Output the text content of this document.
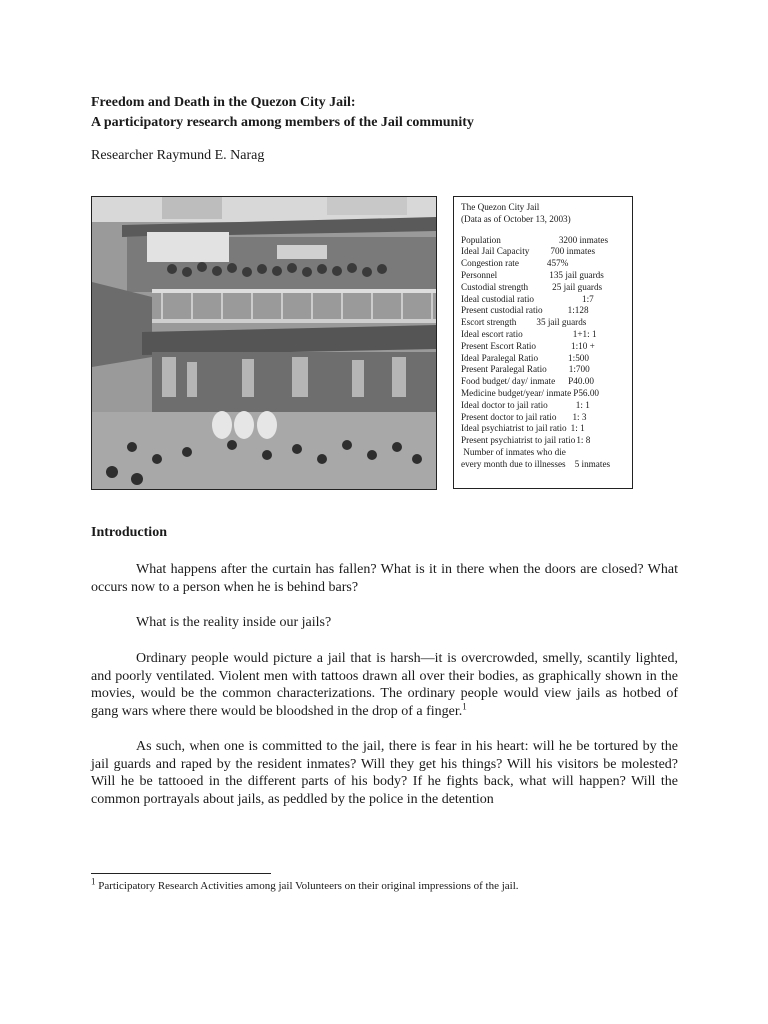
Freedom and Death in the Quezon City Jail:
A participatory research among members of the Jail community
Researcher Raymund E. Narag
The Quezon City Jail
(Data as of October 13, 2003)
Population	3200 inmates
Ideal Jail Capacity 700 inmates
Congestion rate	457%
Personnel	135 jail guards
Custodial strength	25 jail guards
Ideal custodial ratio	1:7
Present custodial ratio	1:128
Escort strength 35 jail guards
Ideal escort ratio	1+1: 1
Present Escort Ratio	1:10 +
Ideal Paralegal Ratio	1:500
Present Paralegal Ratio 1:700
Food budget/ day/ inmate P40.00
Medicine budget/year/ inmate P56.00
Ideal doctor to jail ratio	1: 1
Present doctor to jail ratio 1: 3
Ideal psychiatrist to jail ratio 1: 1
Present psychiatrist to jail ratio 1: 8
Number of inmates who die
every month due to illnesses 5 inmates
Introduction

What happens after the curtain has fallen? What is it in there when the doors are closed? What occurs now to a person when he is behind bars?

What is the reality inside our jails?

Ordinary people would picture a jail that is harsh—it is overcrowded, smelly, scantily lighted, and poorly ventilated. Violent men with tattoos drawn all over their bodies, as graphically shown in the movies, would be the common characterizations. The ordinary people would view jails as hotbed of gang wars where there would be bloodshed in the drop of a finger.$^1$

As such, when one is committed to the jail, there is fear in his heart: will he be tortured by the jail guards and raped by the resident inmates? Will they get his things? Will his visitors be molested? Will he be tattooed in the different parts of his body? If he fights back, what will happen? Will the common portrayals about jails, as peddled by the police in the detention

$^1$ Participatory Research Activities among jail Volunteers on their original impressions of the jail.
